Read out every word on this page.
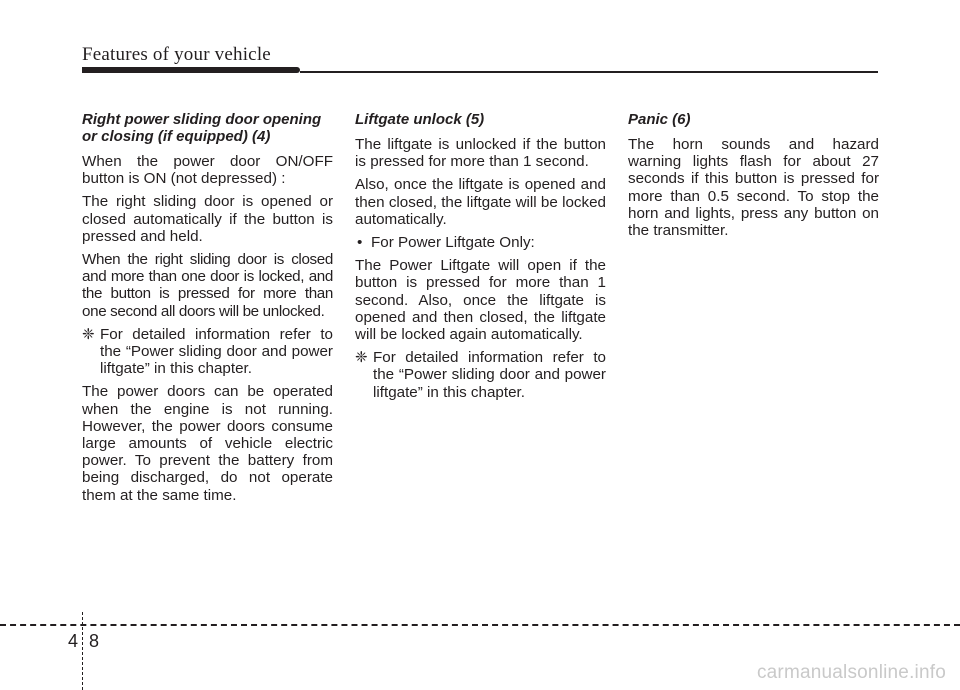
Features of your vehicle
Right power sliding door opening
or closing (if equipped) (4)
When the power door ON/OFF button is ON (not depressed) :
The right sliding door is opened or closed automatically if the button is pressed and held.
When the right sliding door is closed and more than one door is locked, and the button is pressed for more than one second all doors will be unlocked.
❈ For detailed information refer to the “Power sliding door and power liftgate” in this chapter.
The power doors can be operated when the engine is not running. However, the power doors consume large amounts of vehicle electric power. To prevent the battery from being discharged, do not operate them at the same time.
Liftgate unlock (5)
The liftgate is unlocked if the button is pressed for more than 1 second.
Also, once the liftgate is opened and then closed, the liftgate will be locked automatically.
• For Power Liftgate Only:
The Power Liftgate will open if the button is pressed for more than 1 second. Also, once the liftgate is opened and then closed, the liftgate will be locked again automatically.
❈ For detailed information refer to the “Power sliding door and power liftgate” in this chapter.
Panic (6)
The horn sounds and hazard warning lights flash for about 27 seconds if this button is pressed for more than 0.5 second. To stop the horn and lights, press any button on the transmitter.
4 8
carmanualsonline.info
